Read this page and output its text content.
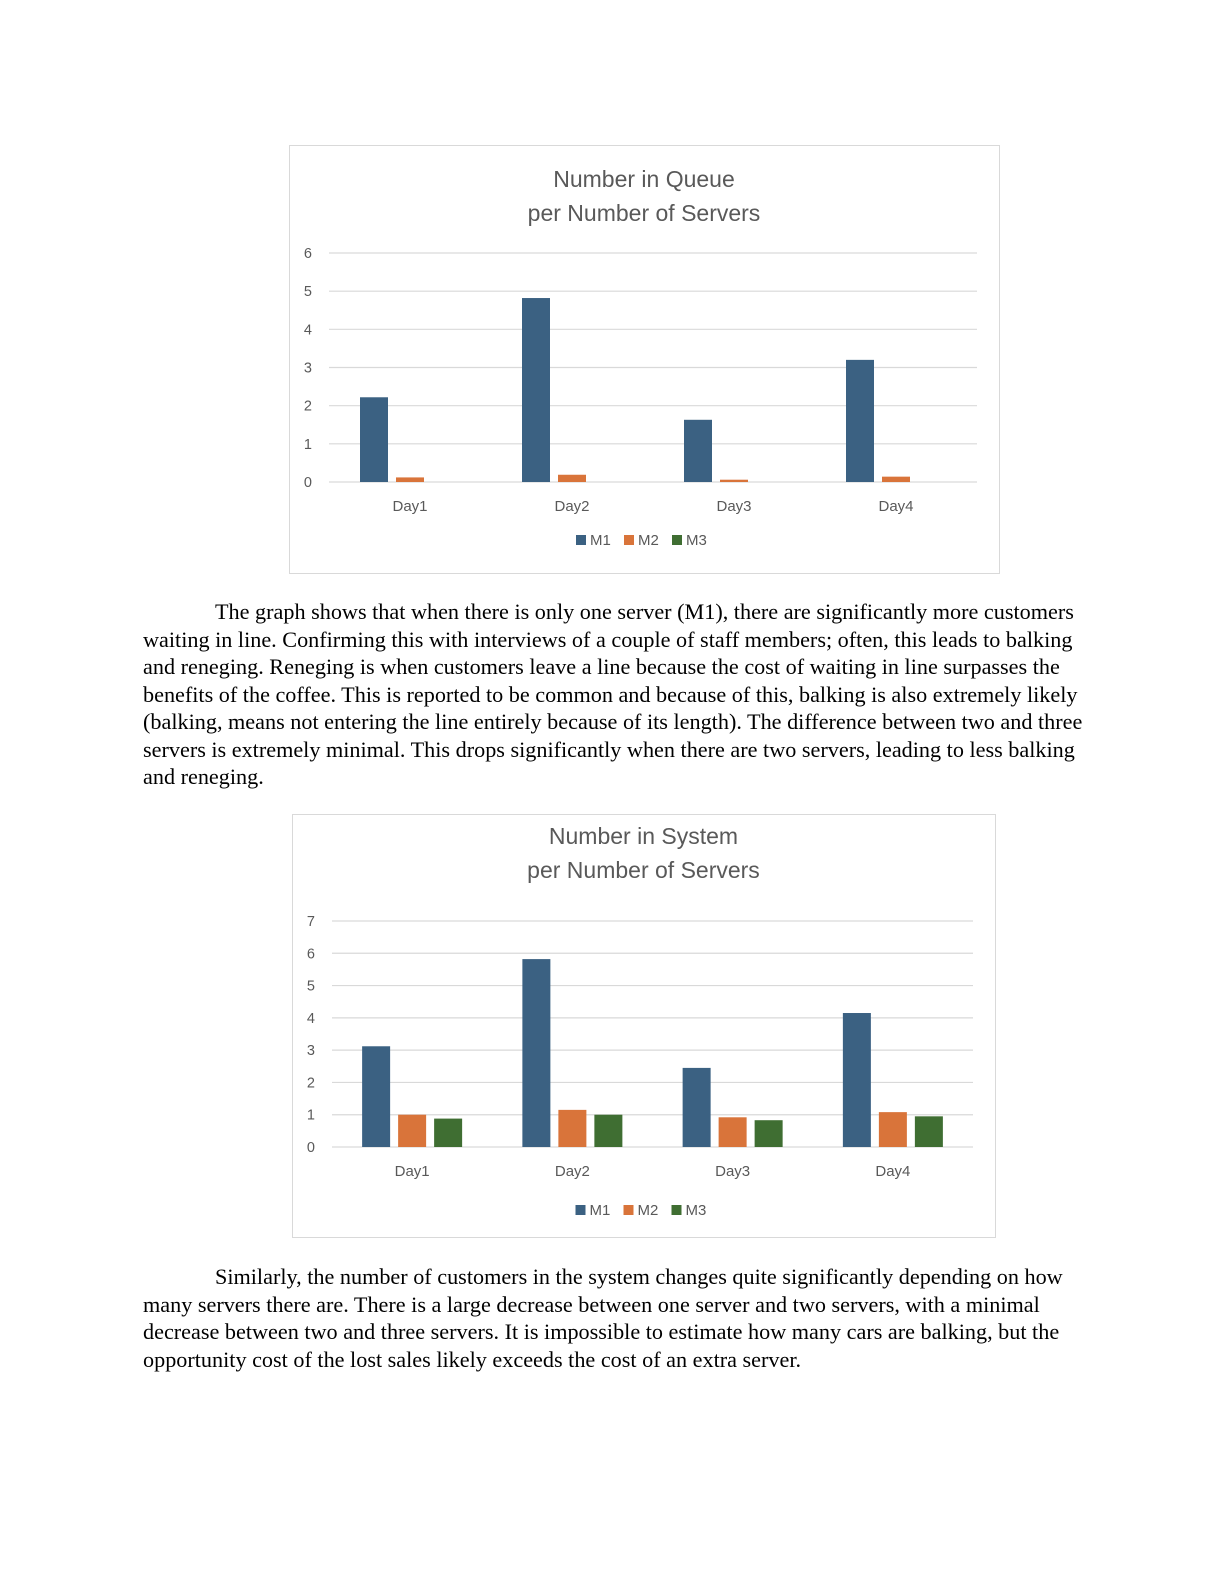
Number in Queue
per Number of Servers
0
1
2
3
4
5
6
Day1	Day2	Day3	Day4
M1 M2 M3

The graph shows that when there is only one server (M1), there are significantly more customers waiting in line. Confirming this with interviews of a couple of staff members; often, this leads to balking and reneging. Reneging is when customers leave a line because the cost of waiting in line surpasses the benefits of the coffee. This is reported to be common and because of this, balking is also extremely likely (balking, means not entering the line entirely because of its length). The difference between two and three servers is extremely minimal. This drops significantly when there are two servers, leading to less balking and reneging.

Number in System
per Number of Servers
0
1
2
3
4
5
6
7
Day1	Day2	Day3	Day4
M1 M2 M3

Similarly, the number of customers in the system changes quite significantly depending on how many servers there are. There is a large decrease between one server and two servers, with a minimal decrease between two and three servers. It is impossible to estimate how many cars are balking, but the opportunity cost of the lost sales likely exceeds the cost of an extra server.
